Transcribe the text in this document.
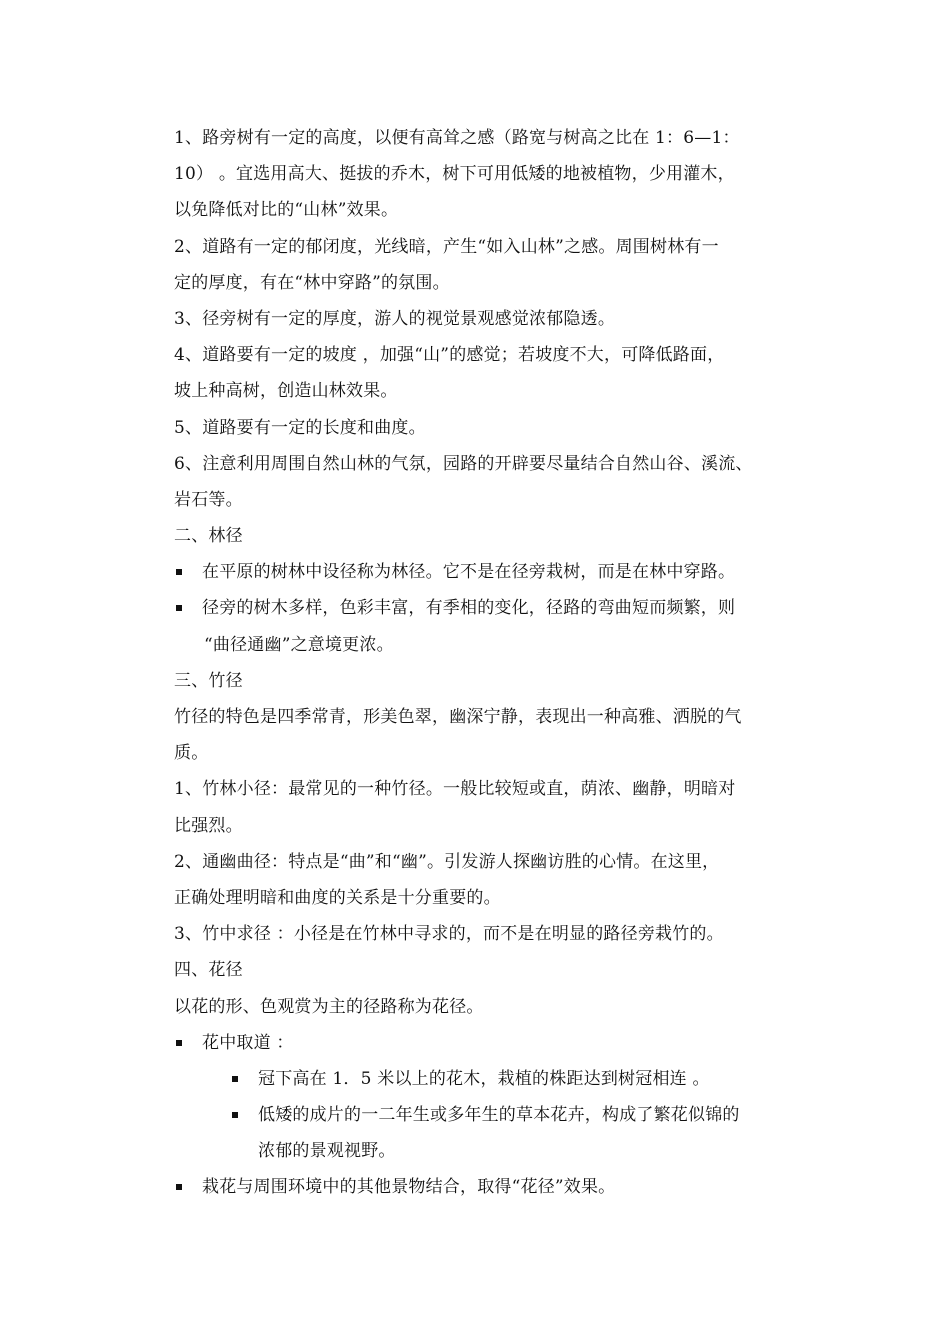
1、路旁树有一定的高度，以便有高耸之感（路宽与树高之比在 1：6—1：
10） 。宜选用高大、挺拔的乔木，树下可用低矮的地被植物，少用灌木，
以免降低对比的“山林”效果。
2、道路有一定的郁闭度，光线暗，产生“如入山林”之感。周围树林有一
定的厚度，有在“林中穿路”的氛围。
3、径旁树有一定的厚度，游人的视觉景观感觉浓郁隐透。
4、道路要有一定的坡度 ，加强“山”的感觉；若坡度不大，可降低路面，
坡上种高树，创造山林效果。
5、道路要有一定的长度和曲度。
6、注意利用周围自然山林的气氛，园路的开辟要尽量结合自然山谷、溪流、
岩石等。
二、林径
在平原的树林中设径称为林径。它不是在径旁栽树，而是在林中穿路。
径旁的树木多样，色彩丰富，有季相的变化，径路的弯曲短而频繁，则
“曲径通幽”之意境更浓。
三、竹径
竹径的特色是四季常青，形美色翠，幽深宁静，表现出一种高雅、洒脱的气
质。
1、竹林小径：最常见的一种竹径。一般比较短或直，荫浓、幽静，明暗对
比强烈。
2、通幽曲径：特点是“曲”和“幽”。引发游人探幽访胜的心情。在这里，
正确处理明暗和曲度的关系是十分重要的。
3、竹中求径 ：小径是在竹林中寻求的，而不是在明显的路径旁栽竹的。
四、花径
以花的形、色观赏为主的径路称为花径。
花中取道 ：
冠下高在 1．5 米以上的花木，栽植的株距达到树冠相连 。
低矮的成片的一二年生或多年生的草本花卉，构成了繁花似锦的
浓郁的景观视野。
栽花与周围环境中的其他景物结合，取得“花径”效果。
